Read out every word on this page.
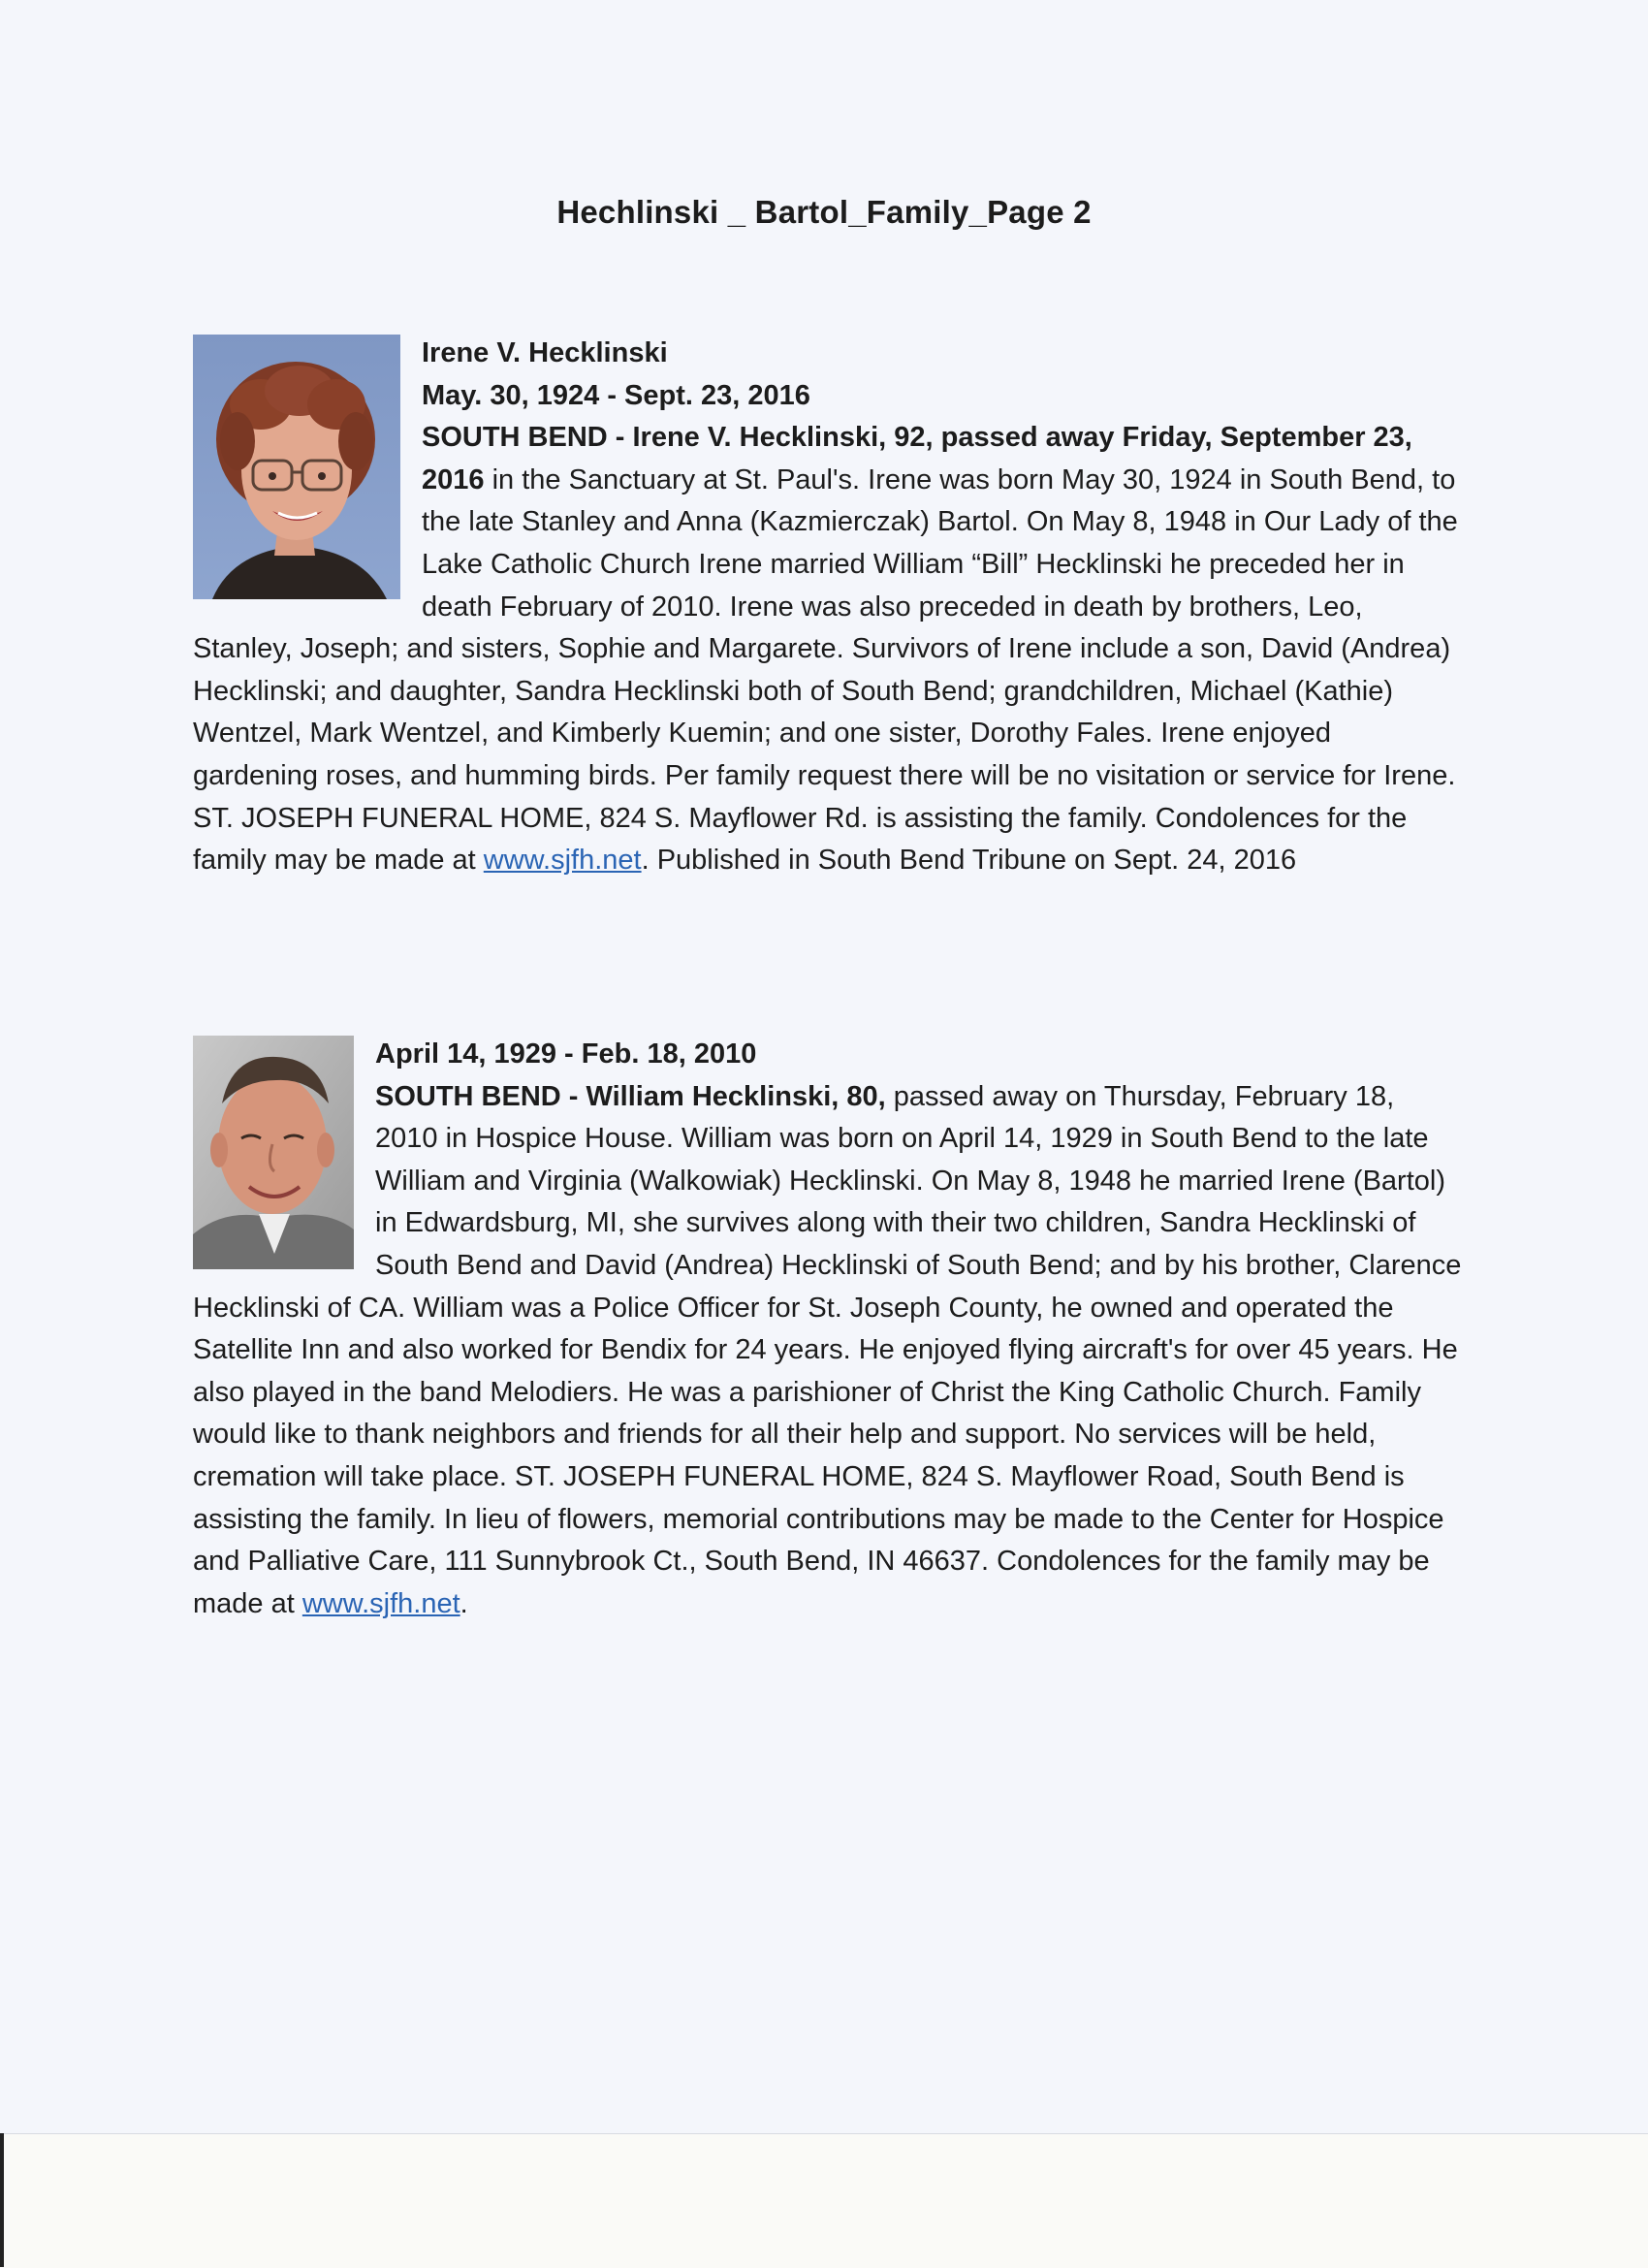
Hechlinski _ Bartol_Family_Page 2

Irene V. Hecklinski

May. 30, 1924 - Sept. 23, 2016

SOUTH BEND - Irene V. Hecklinski, 92, passed away Friday, September 23, 2016 in the Sanctuary at St. Paul's. Irene was born May 30, 1924 in South Bend, to the late Stanley and Anna (Kazmierczak) Bartol. On May 8, 1948 in Our Lady of the Lake Catholic Church Irene married William “Bill” Hecklinski he preceded her in death February of 2010. Irene was also preceded in death by brothers, Leo, Stanley, Joseph; and sisters, Sophie and Margarete. Survivors of Irene include a son, David (Andrea) Hecklinski; and daughter, Sandra Hecklinski both of South Bend; grandchildren, Michael (Kathie) Wentzel, Mark Wentzel, and Kimberly Kuemin; and one sister, Dorothy Fales. Irene enjoyed gardening roses, and humming birds. Per family request there will be no visitation or service for Irene. ST. JOSEPH FUNERAL HOME, 824 S. Mayflower Rd. is assisting the family. Condolences for the family may be made at www.sjfh.net. Published in South Bend Tribune on Sept. 24, 2016

April 14, 1929 - Feb. 18, 2010

SOUTH BEND - William Hecklinski, 80, passed away on Thursday, February 18, 2010 in Hospice House. William was born on April 14, 1929 in South Bend to the late William and Virginia (Walkowiak) Hecklinski. On May 8, 1948 he married Irene (Bartol) in Edwardsburg, MI, she survives along with their two children, Sandra Hecklinski of South Bend and David (Andrea) Hecklinski of South Bend; and by his brother, Clarence Hecklinski of CA. William was a Police Officer for St. Joseph County, he owned and operated the Satellite Inn and also worked for Bendix for 24 years. He enjoyed flying aircraft's for over 45 years. He also played in the band Melodiers. He was a parishioner of Christ the King Catholic Church. Family would like to thank neighbors and friends for all their help and support. No services will be held, cremation will take place. ST. JOSEPH FUNERAL HOME, 824 S. Mayflower Road, South Bend is assisting the family. In lieu of flowers, memorial contributions may be made to the Center for Hospice and Palliative Care, 111 Sunnybrook Ct., South Bend, IN 46637. Condolences for the family may be made at www.sjfh.net.
